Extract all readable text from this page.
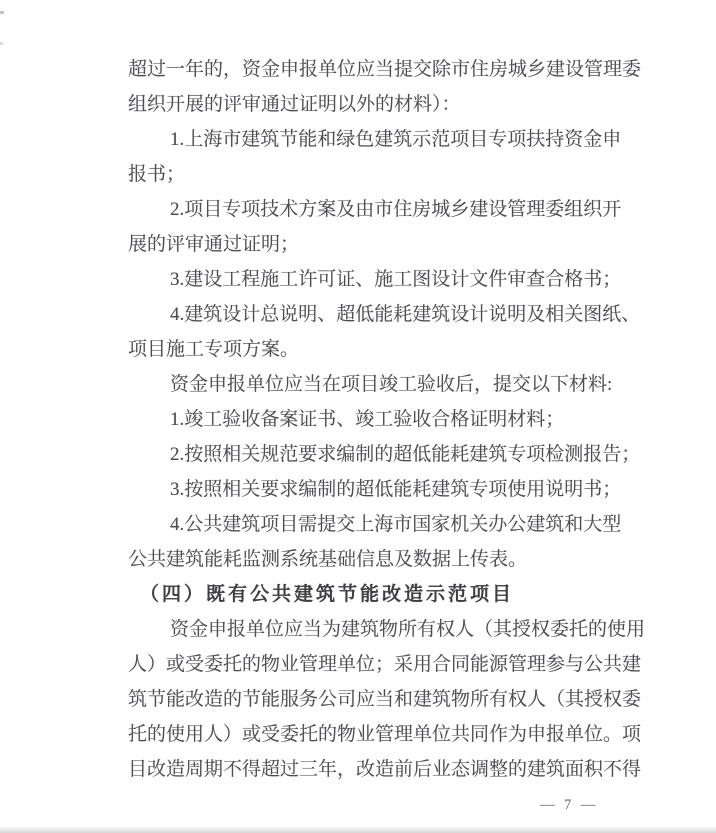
超过一年的，资金申报单位应当提交除市住房城乡建设管理委
组织开展的评审通过证明以外的材料）：
1.上海市建筑节能和绿色建筑示范项目专项扶持资金申
报书；
2.项目专项技术方案及由市住房城乡建设管理委组织开
展的评审通过证明；
3.建设工程施工许可证、施工图设计文件审查合格书；
4.建筑设计总说明、超低能耗建筑设计说明及相关图纸、
项目施工专项方案。
资金申报单位应当在项目竣工验收后，提交以下材料:
1.竣工验收备案证书、竣工验收合格证明材料；
2.按照相关规范要求编制的超低能耗建筑专项检测报告；
3.按照相关要求编制的超低能耗建筑专项使用说明书；
4.公共建筑项目需提交上海市国家机关办公建筑和大型
公共建筑能耗监测系统基础信息及数据上传表。
（四）既有公共建筑节能改造示范项目
资金申报单位应当为建筑物所有权人（其授权委托的使用
人）或受委托的物业管理单位；采用合同能源管理参与公共建
筑节能改造的节能服务公司应当和建筑物所有权人（其授权委
托的使用人）或受委托的物业管理单位共同作为申报单位。项
目改造周期不得超过三年，改造前后业态调整的建筑面积不得
— 7 —
